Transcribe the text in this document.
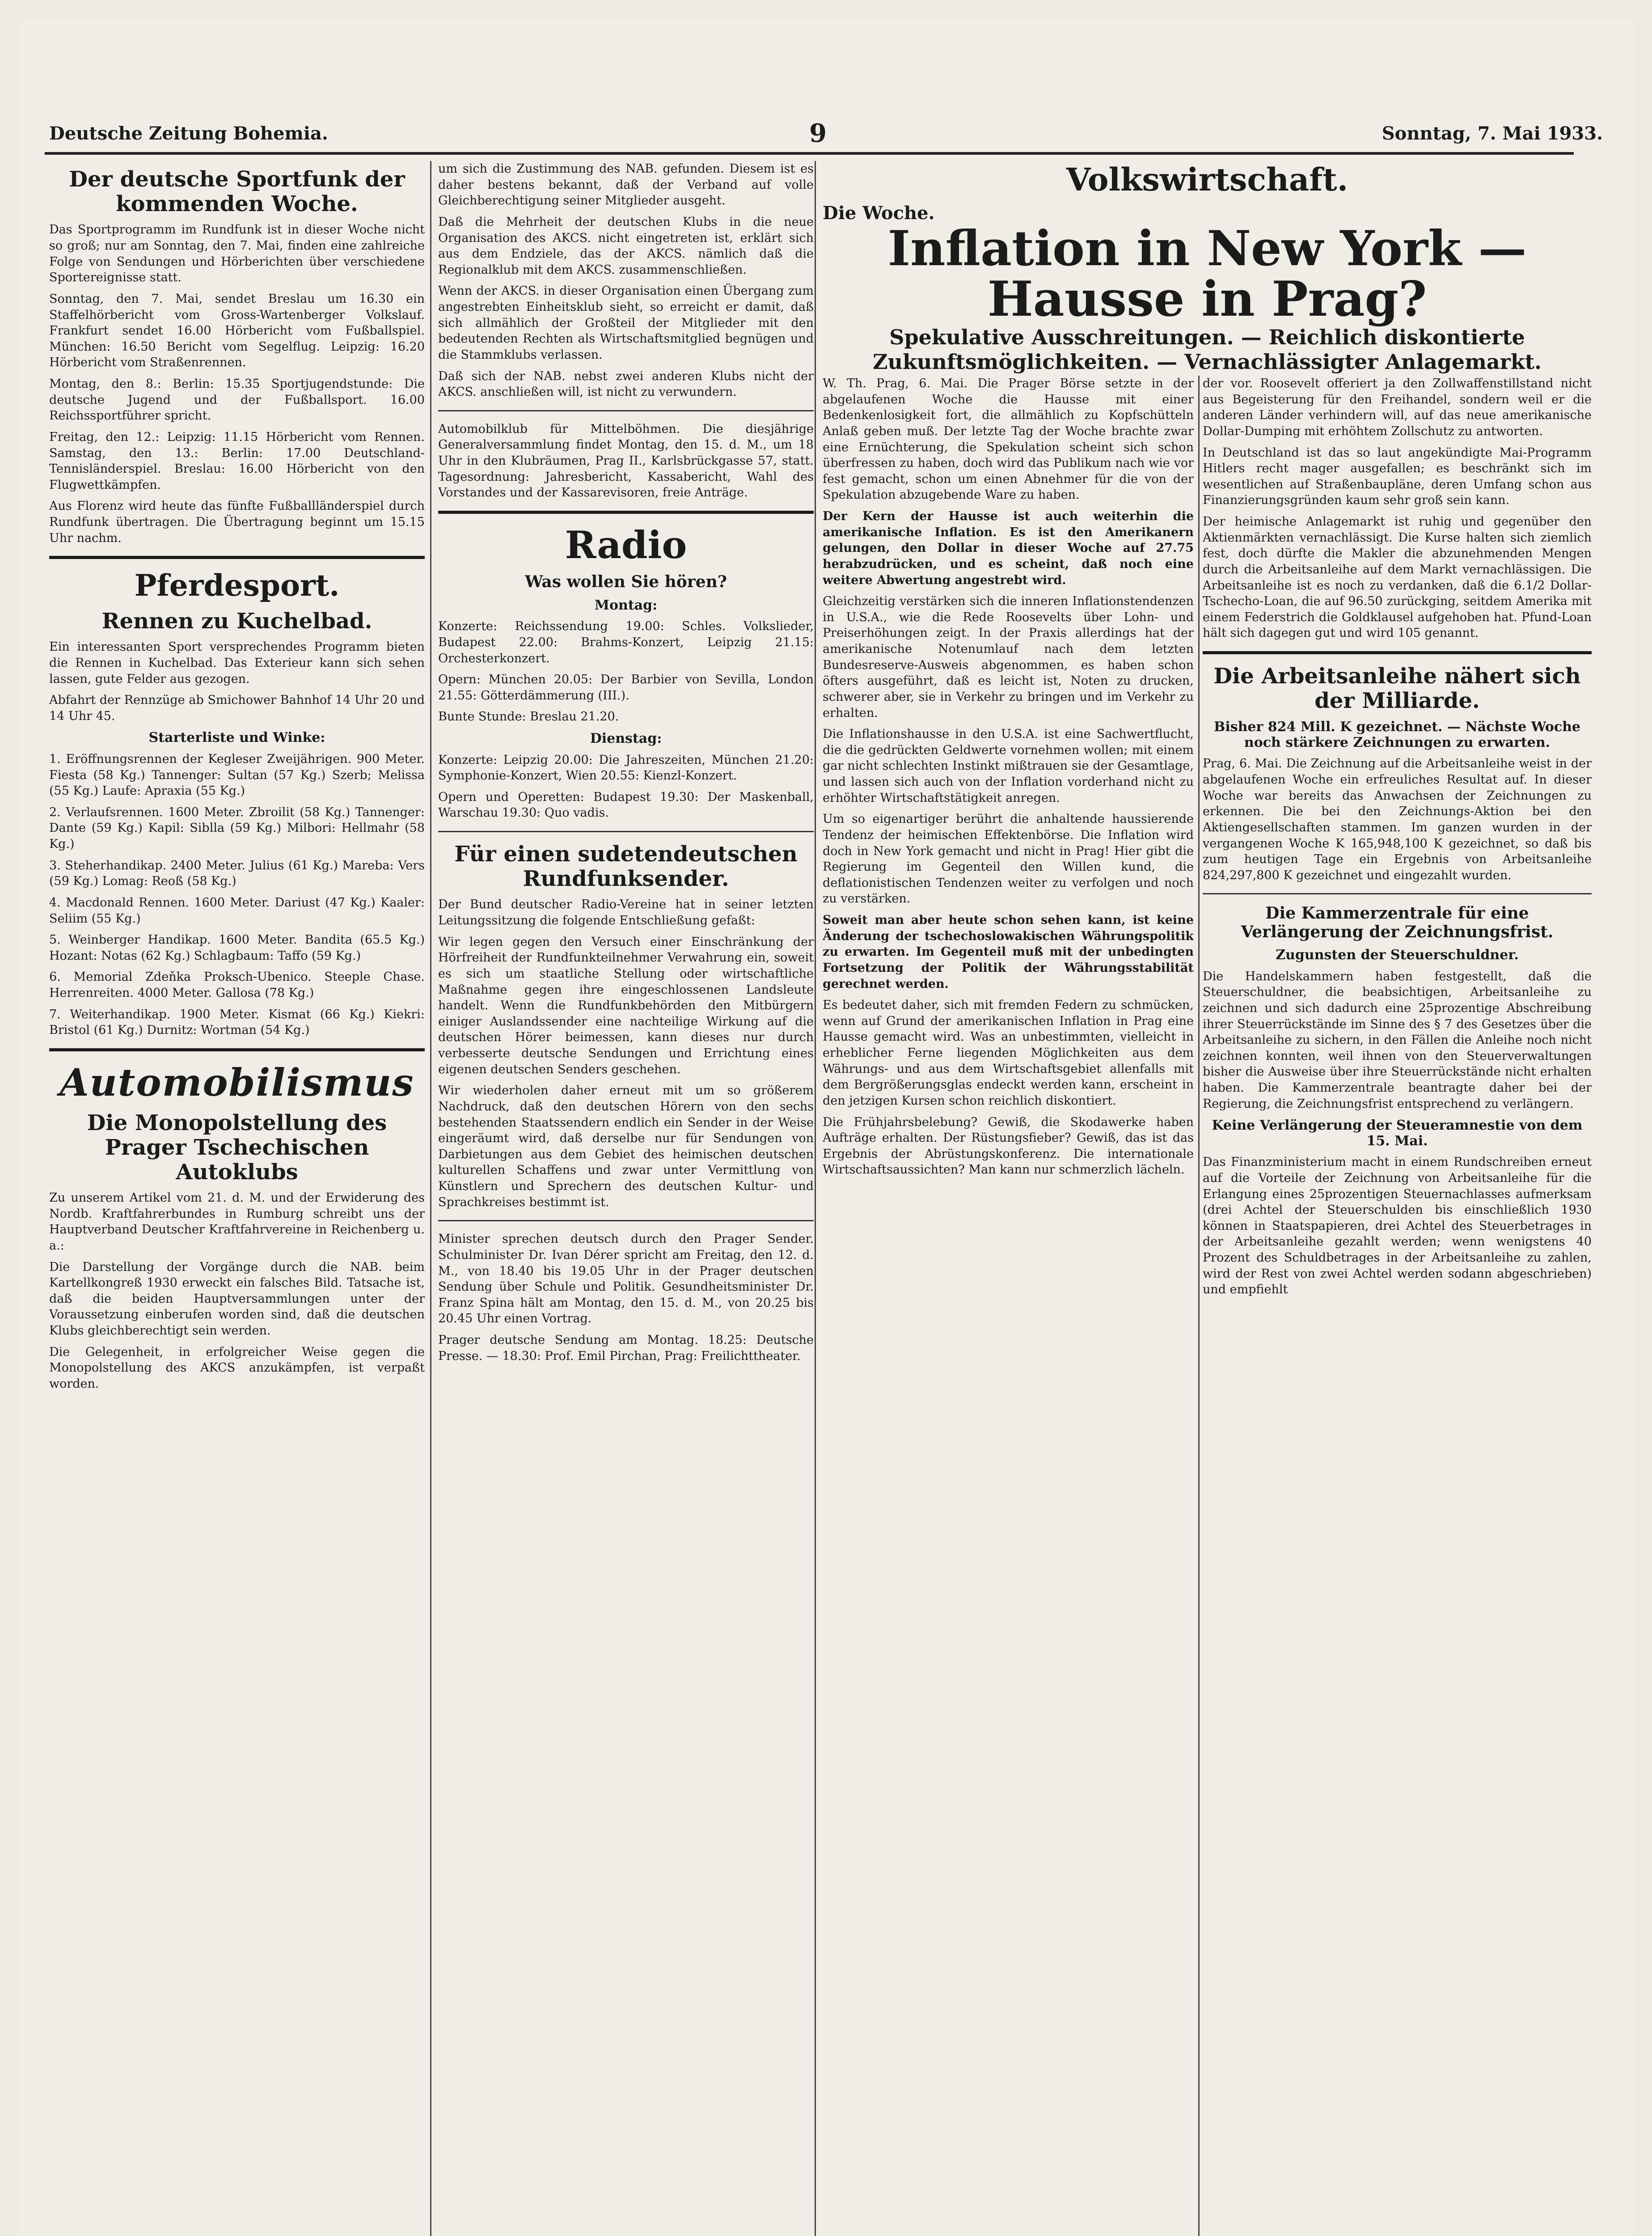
Deutsche Zeitung Bohemia.	9	Sonntag, 7. Mai 1933.
Der deutsche Sportfunk der kommenden Woche.

Das Sportprogramm im Rundfunk ist in dieser Woche nicht so groß; nur am Sonntag, den 7. Mai, finden eine zahlreiche Folge von Sendungen und Hörberichten über verschiedene Sportereignisse statt.

Sonntag, den 7. Mai, sendet Breslau um 16.30 ein Staffelhörbericht vom Gross-Wartenberger Volkslauf. Frankfurt sendet 16.00 Hörbericht vom Fußballspiel. München: 16.50 Bericht vom Segelflug. Leipzig: 16.20 Hörbericht vom Straßenrennen.

Montag, den 8.: Berlin: 15.35 Sportjugendstunde: Die deutsche Jugend und der Fußballsport. 16.00 Reichssportführer spricht.

Freitag, den 12.: Leipzig: 11.15 Hörbericht vom Rennen. Samstag, den 13.: Berlin: 17.00 Deutschland-Tennisländerspiel. Breslau: 16.00 Hörbericht von den Flugwettkämpfen.

Aus Florenz wird heute das fünfte Fußballländerspiel durch Rundfunk übertragen. Die Übertragung beginnt um 15.15 Uhr nachm.

Pferdesport.
Rennen zu Kuchelbad.

Ein interessanten Sport versprechendes Programm bieten die Rennen in Kuchelbad. Das Exterieur kann sich sehen lassen, gute Felder aus gezogen.

Abfahrt der Rennzüge ab Smichower Bahnhof 14 Uhr 20 und 14 Uhr 45.

Starterliste und Winke:

1. Eröffnungsrennen der Kegleser Zweijährigen. 900 Meter. Fiesta (58 Kg.) Tannenger: Sultan (57 Kg.) Szerb; Melissa (55 Kg.) Laufe: Apraxia (55 Kg.)

2. Verlaufsrennen. 1600 Meter. Zbroilit (58 Kg.) Tannenger: Dante (59 Kg.) Kapil: Siblla (59 Kg.) Milbori: Hellmahr (58 Kg.)

3. Steherhandikap. 2400 Meter. Julius (61 Kg.) Mareba: Vers (59 Kg.) Lomag: Reoß (58 Kg.)

4. Macdonald Rennen. 1600 Meter. Dariust (47 Kg.) Kaaler: Seliim (55 Kg.)

5. Weinberger Handikap. 1600 Meter. Bandita (65.5 Kg.) Hozant: Notas (62 Kg.) Schlagbaum: Taffo (59 Kg.)

6. Memorial Zdeňka Proksch-Ubenico. Steeple Chase. Herrenreiten. 4000 Meter. Gallosa (78 Kg.)

7. Weiterhandikap. 1900 Meter. Kismat (66 Kg.) Kiekri: Bristol (61 Kg.) Durnitz: Wortman (54 Kg.)

Automobilismus
Die Monopolstellung des Prager Tschechischen Autoklubs

Zu unserem Artikel vom 21. d. M. und der Erwiderung des Nordb. Kraftfahrerbundes in Rumburg schreibt uns der Hauptverband Deutscher Kraftfahrvereine in Reichenberg u. a.:

Die Darstellung der Vorgänge durch die NAB. beim Kartellkongreß 1930 erweckt ein falsches Bild. Tatsache ist, daß die beiden Hauptversammlungen unter der Voraussetzung einberufen worden sind, daß die deutschen Klubs gleichberechtigt sein werden.

Die Gelegenheit, in erfolgreicher Weise gegen die Monopolstellung des AKCS anzukämpfen, ist verpaßt worden.

um sich die Zustimmung des NAB. gefunden. Diesem ist es daher bestens bekannt, daß der Verband auf volle Gleichberechtigung seiner Mitglieder ausgeht.

Daß die Mehrheit der deutschen Klubs in die neue Organisation des AKCS. nicht eingetreten ist, erklärt sich aus dem Endziele, das der AKCS. nämlich daß die Regionalklub mit dem AKCS. zusammenschließen.

Wenn der AKCS. in dieser Organisation einen Übergang zum angestrebten Einheitsklub sieht, so erreicht er damit, daß sich allmählich der Großteil der Mitglieder mit den bedeutenden Rechten als Wirtschaftsmitglied begnügen und die Stammklubs verlassen.

Daß sich der NAB. nebst zwei anderen Klubs nicht der AKCS. anschließen will, ist nicht zu verwundern.

Automobilklub für Mittelböhmen. Die diesjährige Generalversammlung findet Montag, den 15. d. M., um 18 Uhr in den Klubräumen, Prag II., Karlsbrückgasse 57, statt. Tagesordnung: Jahresbericht, Kassabericht, Wahl des Vorstandes und der Kassarevisoren, freie Anträge.

Radio
Was wollen Sie hören?
Montag:

Konzerte: Reichssendung 19.00: Schles. Volkslieder, Budapest 22.00: Brahms-Konzert, Leipzig 21.15: Orchesterkonzert.

Opern: München 20.05: Der Barbier von Sevilla, London 21.55: Götterdämmerung (III.).

Bunte Stunde: Breslau 21.20.

Dienstag:

Konzerte: Leipzig 20.00: Die Jahreszeiten, München 21.20: Symphonie-Konzert, Wien 20.55: Kienzl-Konzert.

Opern und Operetten: Budapest 19.30: Der Maskenball, Warschau 19.30: Quo vadis.

Für einen sudetendeutschen Rundfunksender.

Der Bund deutscher Radio-Vereine hat in seiner letzten Leitungssitzung die folgende Entschließung gefaßt:

Wir legen gegen den Versuch einer Einschränkung der Hörfreiheit der Rundfunkteilnehmer Verwahrung ein, soweit es sich um staatliche Stellung oder wirtschaftliche Maßnahme gegen ihre eingeschlossenen Landsleute handelt. Wenn die Rundfunkbehörden den Mitbürgern einiger Auslandssender eine nachteilige Wirkung auf die deutschen Hörer beimessen, kann dieses nur durch verbesserte deutsche Sendungen und Errichtung eines eigenen deutschen Senders geschehen.

Wir wiederholen daher erneut mit um so größerem Nachdruck, daß den deutschen Hörern von den sechs bestehenden Staatssendern endlich ein Sender in der Weise eingeräumt wird, daß derselbe nur für Sendungen von Darbietungen aus dem Gebiet des heimischen deutschen kulturellen Schaffens und zwar unter Vermittlung von Künstlern und Sprechern des deutschen Kultur- und Sprachkreises bestimmt ist.

Minister sprechen deutsch durch den Prager Sender. Schulminister Dr. Ivan Dérer spricht am Freitag, den 12. d. M., von 18.40 bis 19.05 Uhr in der Prager deutschen Sendung über Schule und Politik. Gesundheitsminister Dr. Franz Spina hält am Montag, den 15. d. M., von 20.25 bis 20.45 Uhr einen Vortrag.

Prager deutsche Sendung am Montag. 18.25: Deutsche Presse. — 18.30: Prof. Emil Pirchan, Prag: Freilichttheater.

Volkswirtschaft.
Die Woche.
Inflation in New York — Hausse in Prag?
Spekulative Ausschreitungen. — Reichlich diskontierte Zukunftsmöglichkeiten. — Vernachlässigter Anlagemarkt.

W. Th. Prag, 6. Mai. Die Prager Börse setzte in der abgelaufenen Woche die Hausse mit einer Bedenkenlosigkeit fort, die allmählich zu Kopfschütteln Anlaß geben muß. Der letzte Tag der Woche brachte zwar eine Ernüchterung, die Spekulation scheint sich schon überfressen zu haben, doch wird das Publikum nach wie vor fest gemacht, schon um einen Abnehmer für die von der Spekulation abzugebende Ware zu haben.

Der Kern der Hausse ist auch weiterhin die amerikanische Inflation. Es ist den Amerikanern gelungen, den Dollar in dieser Woche auf 27.75 herabzudrücken, und es scheint, daß noch eine weitere Abwertung angestrebt wird.

Gleichzeitig verstärken sich die inneren Inflationstendenzen in U.S.A., wie die Rede Roosevelts über Lohn- und Preiserhöhungen zeigt. In der Praxis allerdings hat der amerikanische Notenumlauf nach dem letzten Bundesreserve-Ausweis abgenommen, es haben schon öfters ausgeführt, daß es leicht ist, Noten zu drucken, schwerer aber, sie in Verkehr zu bringen und im Verkehr zu erhalten.

Die Inflationshausse in den U.S.A. ist eine Sachwertflucht, die die gedrückten Geldwerte vornehmen wollen; mit einem gar nicht schlechten Instinkt mißtrauen sie der Gesamtlage, und lassen sich auch von der Inflation vorderhand nicht zu erhöhter Wirtschaftstätigkeit anregen.

Um so eigenartiger berührt die anhaltende haussierende Tendenz der heimischen Effektenbörse. Die Inflation wird doch in New York gemacht und nicht in Prag! Hier gibt die Regierung im Gegenteil den Willen kund, die deflationistischen Tendenzen weiter zu verfolgen und noch zu verstärken.

Soweit man aber heute schon sehen kann, ist keine Änderung der tschechoslowakischen Währungspolitik zu erwarten. Im Gegenteil muß mit der unbedingten Fortsetzung der Politik der Währungsstabilität gerechnet werden.

Es bedeutet daher, sich mit fremden Federn zu schmücken, wenn auf Grund der amerikanischen Inflation in Prag eine Hausse gemacht wird. Was an unbestimmten, vielleicht in erheblicher Ferne liegenden Möglichkeiten aus dem Währungs- und aus dem Wirtschaftsgebiet allenfalls mit dem Bergrößerungsglas endeckt werden kann, erscheint in den jetzigen Kursen schon reichlich diskontiert.

Die Frühjahrsbelebung? Gewiß, die Skodawerke haben Aufträge erhalten. Der Rüstungsfieber? Gewiß, das ist das Ergebnis der Abrüstungskonferenz. Die internationale Wirtschaftsaussichten? Man kann nur schmerzlich lächeln.

der vor. Roosevelt offeriert ja den Zollwaffenstillstand nicht aus Begeisterung für den Freihandel, sondern weil er die anderen Länder verhindern will, auf das neue amerikanische Dollar-Dumping mit erhöhtem Zollschutz zu antworten.

In Deutschland ist das so laut angekündigte Mai-Programm Hitlers recht mager ausgefallen; es beschränkt sich im wesentlichen auf Straßenbaupläne, deren Umfang schon aus Finanzierungsgründen kaum sehr groß sein kann.

Der heimische Anlagemarkt ist ruhig und gegenüber den Aktienmärkten vernachlässigt. Die Kurse halten sich ziemlich fest, doch dürfte die Makler die abzunehmenden Mengen durch die Arbeitsanleihe auf dem Markt vernachlässigen. Die Arbeitsanleihe ist es noch zu verdanken, daß die 6.1/2 Dollar-Tschecho-Loan, die auf 96.50 zurückging, seitdem Amerika mit einem Federstrich die Goldklausel aufgehoben hat. Pfund-Loan hält sich dagegen gut und wird 105 genannt.

Die Arbeitsanleihe nähert sich der Milliarde.
Bisher 824 Mill. K gezeichnet. — Nächste Woche noch stärkere Zeichnungen zu erwarten.

Prag, 6. Mai. Die Zeichnung auf die Arbeitsanleihe weist in der abgelaufenen Woche ein erfreuliches Resultat auf. In dieser Woche war bereits das Anwachsen der Zeichnungen zu erkennen. Die bei den Zeichnungs-Aktion bei den Aktiengesellschaften stammen. Im ganzen wurden in der vergangenen Woche K 165,948,100 K gezeichnet, so daß bis zum heutigen Tage ein Ergebnis von Arbeitsanleihe 824,297,800 K gezeichnet und eingezahlt wurden.

Die Kammerzentrale für eine Verlängerung der Zeichnungsfrist.
Zugunsten der Steuerschuldner.

Die Handelskammern haben festgestellt, daß die Steuerschuldner, die beabsichtigen, Arbeitsanleihe zu zeichnen und sich dadurch eine 25prozentige Abschreibung ihrer Steuerrückstände im Sinne des § 7 des Gesetzes über die Arbeitsanleihe zu sichern, in den Fällen die Anleihe noch nicht zeichnen konnten, weil ihnen von den Steuerverwaltungen bisher die Ausweise über ihre Steuerrückstände nicht erhalten haben. Die Kammerzentrale beantragte daher bei der Regierung, die Zeichnungsfrist entsprechend zu verlängern.

Keine Verlängerung der Steueramnestie von dem 15. Mai.

Das Finanzministerium macht in einem Rundschreiben erneut auf die Vorteile der Zeichnung von Arbeitsanleihe für die Erlangung eines 25prozentigen Steuernachlasses aufmerksam (drei Achtel der Steuerschulden bis einschließlich 1930 können in Staatspapieren, drei Achtel des Steuerbetrages in der Arbeitsanleihe gezahlt werden; wenn wenigstens 40 Prozent des Schuldbetrages in der Arbeitsanleihe zu zahlen, wird der Rest von zwei Achtel werden sodann abgeschrieben) und empfiehlt
